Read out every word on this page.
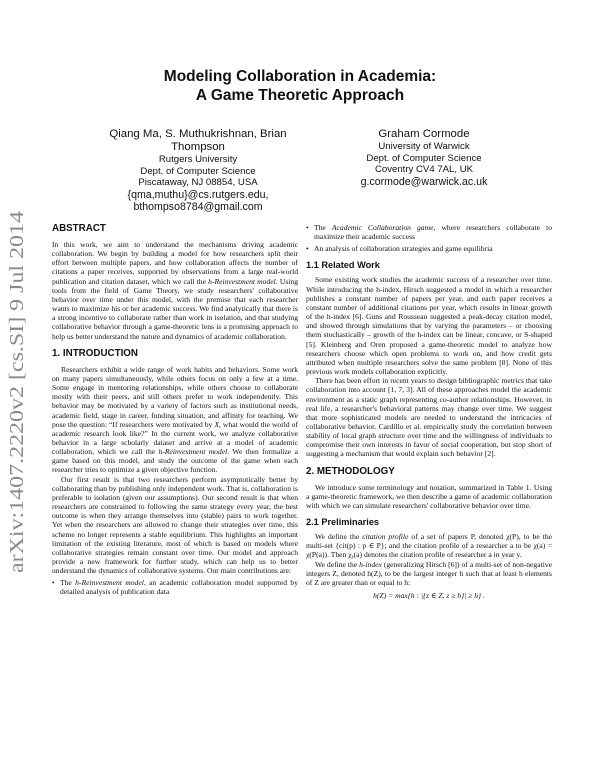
arXiv:1407.2220v2 [cs.SI] 9 Jul 2014
Modeling Collaboration in Academia:
A Game Theoretic Approach
Qiang Ma, S. Muthukrishnan, Brian
Thompson
Rutgers University
Dept. of Computer Science
Piscataway, NJ 08854, USA
{qma,muthu}@cs.rutgers.edu,
bthompso8784@gmail.com
Graham Cormode
University of Warwick
Dept. of Computer Science
Coventry CV4 7AL, UK
g.cormode@warwick.ac.uk
ABSTRACT

In this work, we aim to understand the mechanisms driving academic collaboration. We begin by building a model for how researchers split their effort between multiple papers, and how collaboration affects the number of citations a paper receives, supported by observations from a large real-world publication and citation dataset, which we call the h-Reinvestment model. Using tools from the field of Game Theory, we study researchers' collaborative behavior over time under this model, with the premise that each researcher wants to maximize his or her academic success. We find analytically that there is a strong incentive to collaborate rather than work in isolation, and that studying collaborative behavior through a game-theoretic lens is a promising approach to help us better understand the nature and dynamics of academic collaboration.

1. INTRODUCTION

Researchers exhibit a wide range of work habits and behaviors. Some work on many papers simultaneously, while others focus on only a few at a time. Some engage in mentoring relationships, while others choose to collaborate mostly with their peers, and still others prefer to work independently. This behavior may be motivated by a variety of factors such as institutional needs, academic field, stage in career, funding situation, and affinity for teaching. We pose the question: “If researchers were motivated by X, what would the world of academic research look like?” In the current work, we analyze collaborative behavior in a large scholarly dataset and arrive at a model of academic collaboration, which we call the h-Reinvestment model. We then formalize a game based on this model, and study the outcome of the game when each researcher tries to optimize a given objective function.

Our first result is that two researchers perform asymptotically better by collaborating than by publishing only independent work. That is, collaboration is preferable to isolation (given our assumptions). Our second result is that when researchers are constrained to following the same strategy every year, the best outcome is when they arrange themselves into (stable) pairs to work together. Yet when the researchers are allowed to change their strategies over time, this scheme no longer represents a stable equilibrium. This highlights an important limitation of the existing literature, most of which is based on models where collaborative strategies remain constant over time. Our model and approach provide a new framework for further study, which can help us to better understand the dynamics of collaborative systems. Our main contributions are:

• The h-Reinvestment model, an academic collaboration model supported by detailed analysis of publication data
• The Academic Collaboration game, where researchers collaborate to maximize their academic success
• An analysis of collaboration strategies and game equilibria
1.1 Related Work

Some existing work studies the academic success of a researcher over time. While introducing the h-index, Hirsch suggested a model in which a researcher publishes a constant number of papers per year, and each paper receives a constant number of additional citations per year, which results in linear growth of the h-index [6]. Guns and Rousseau suggested a peak-decay citation model, and showed through simulations that by varying the parameters – or choosing them stochastically – growth of the h-index can be linear, concave, or S-shaped [5]. Kleinberg and Oren proposed a game-theoretic model to analyze how researchers choose which open problems to work on, and how credit gets attributed when multiple researchers solve the same problem [8]. None of this previous work models collaboration explicitly.

There has been effort in recent years to design bibliographic metrics that take collaboration into account [1, 7, 3]. All of these approaches model the academic environment as a static graph representing co-author relationships. However, in real life, a researcher's behavioral patterns may change over time. We suggest that more sophisticated models are needed to understand the intricacies of collaborative behavior. Cardillo et al. empirically study the correlation between stability of local graph structure over time and the willingness of individuals to compromise their own interests in favor of social cooperation, but stop short of suggesting a mechanism that would explain such behavior [2].

2. METHODOLOGY

We introduce some terminology and notation, summarized in Table 1. Using a game-theoretic framework, we then describe a game of academic collaboration with which we can simulate researchers' collaborative behavior over time.

2.1 Preliminaries

We define the citation profile of a set of papers P, denoted χ(P), to be the multi-set {cit(p) : p ∈ P}; and the citation profile of a researcher a to be χ(a) = χ(P(a)). Then χᵧ(a) denotes the citation profile of researcher a in year y.

We define the h-index (generalizing Hirsch [6]) of a multi-set of non-negative integers Z, denoted h(Z), to be the largest integer h such that at least h elements of Z are greater than or equal to h:

h(Z) = max{h : |{z ∈ Z, z ≥ h}| ≥ h} .
